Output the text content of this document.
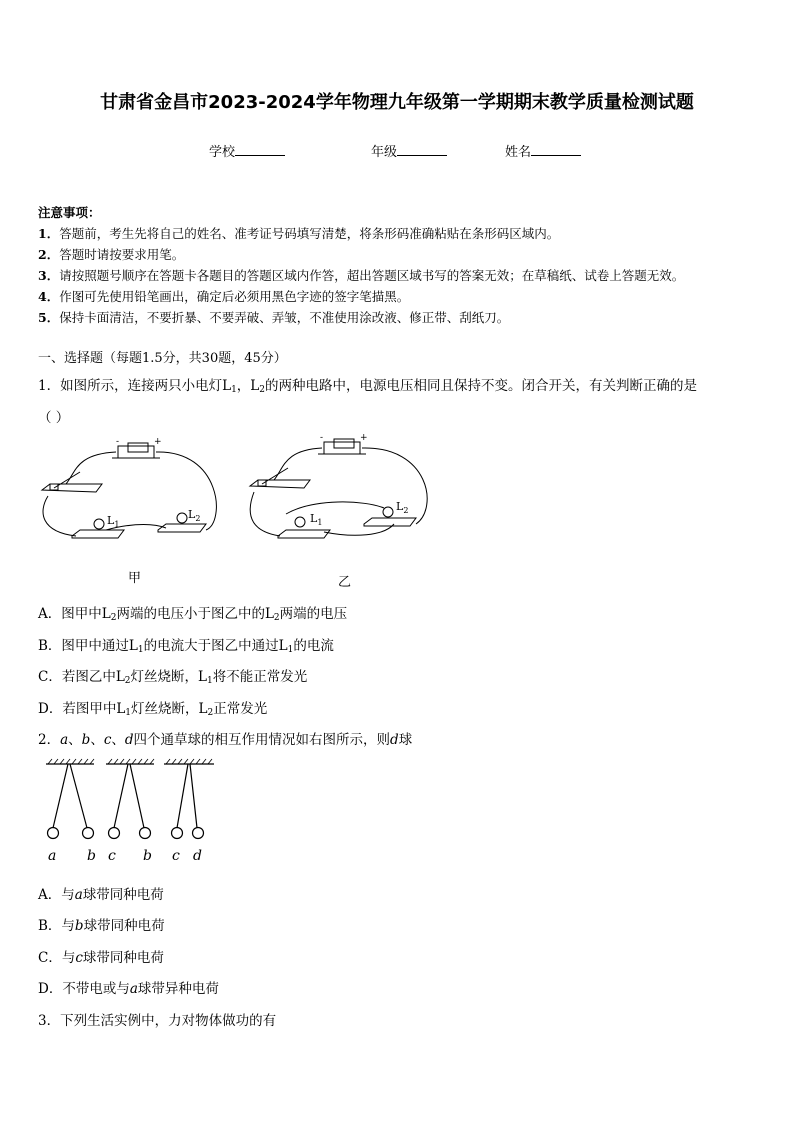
甘肃省金昌市2023-2024学年物理九年级第一学期期末教学质量检测试题
学校	年级	姓名
注意事项：
1．答题前，考生先将自己的姓名、准考证号码填写清楚，将条形码准确粘贴在条形码区域内。
2．答题时请按要求用笔。
3．请按照题号顺序在答题卡各题目的答题区域内作答，超出答题区域书写的答案无效；在草稿纸、试卷上答题无效。
4．作图可先使用铅笔画出，确定后必须用黑色字迹的签字笔描黑。
5．保持卡面清洁，不要折暴、不要弄破、弄皱，不准使用涂改液、修正带、刮纸刀。
一、选择题（每题1.5分，共30题，45分）
1．如图所示，连接两只小电灯$L_1$，$L_2$的两种电路中，电源电压相同且保持不变。闭合开关，有关判断正确的是
（ ）
$L_1$
$L_2$
-	+
$L_1$
$L_2$
-	+
甲	乙
A．图甲中$L_2$两端的电压小于图乙中的$L_2$两端的电压
B．图甲中通过$L_1$的电流大于图乙中通过$L_1$的电流
C．若图乙中$L_2$灯丝烧断，$L_1$将不能正常发光
D．若图甲中$L_1$灯丝烧断，$L_2$正常发光
2．a、b、c、d四个通草球的相互作用情况如右图所示，则d球
a b c b c d
A．与a球带同种电荷
B．与b球带同种电荷
C．与c球带同种电荷
D．不带电或与a球带异种电荷
3．下列生活实例中，力对物体做功的有
